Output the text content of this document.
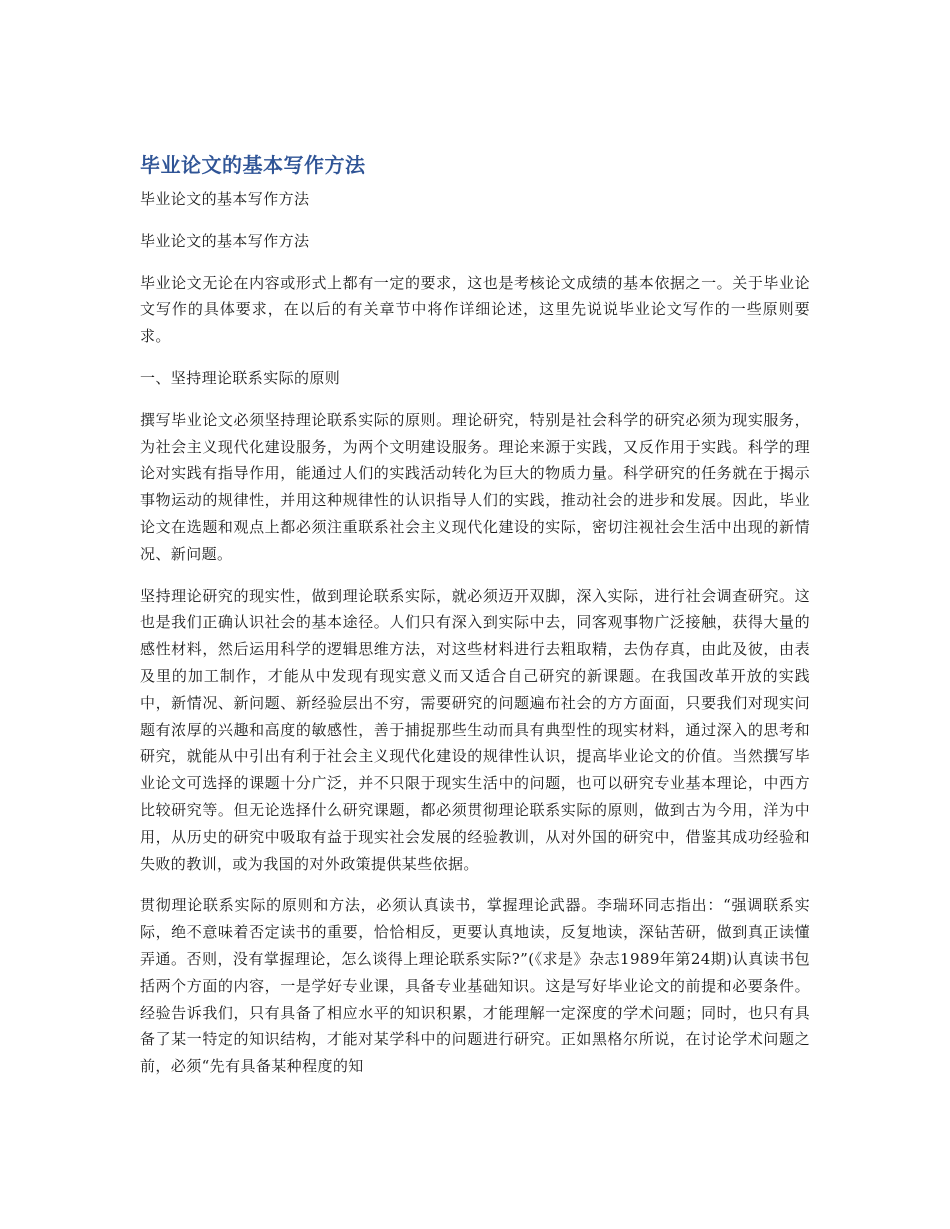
毕业论文的基本写作方法

毕业论文的基本写作方法

毕业论文的基本写作方法

毕业论文无论在内容或形式上都有一定的要求，这也是考核论文成绩的基本依据之一。关于毕业论文写作的具体要求，在以后的有关章节中将作详细论述，这里先说说毕业论文写作的一些原则要求。

一、坚持理论联系实际的原则

撰写毕业论文必须坚持理论联系实际的原则。理论研究，特别是社会科学的研究必须为现实服务，为社会主义现代化建设服务，为两个文明建设服务。理论来源于实践，又反作用于实践。科学的理论对实践有指导作用，能通过人们的实践活动转化为巨大的物质力量。科学研究的任务就在于揭示事物运动的规律性，并用这种规律性的认识指导人们的实践，推动社会的进步和发展。因此，毕业论文在选题和观点上都必须注重联系社会主义现代化建设的实际，密切注视社会生活中出现的新情况、新问题。

坚持理论研究的现实性，做到理论联系实际，就必须迈开双脚，深入实际，进行社会调查研究。这也是我们正确认识社会的基本途径。人们只有深入到实际中去，同客观事物广泛接触，获得大量的感性材料，然后运用科学的逻辑思维方法，对这些材料进行去粗取精，去伪存真，由此及彼，由表及里的加工制作，才能从中发现有现实意义而又适合自己研究的新课题。在我国改革开放的实践中，新情况、新问题、新经验层出不穷，需要研究的问题遍布社会的方方面面，只要我们对现实问题有浓厚的兴趣和高度的敏感性，善于捕捉那些生动而具有典型性的现实材料，通过深入的思考和研究，就能从中引出有利于社会主义现代化建设的规律性认识，提高毕业论文的价值。当然撰写毕业论文可选择的课题十分广泛，并不只限于现实生活中的问题，也可以研究专业基本理论，中西方比较研究等。但无论选择什么研究课题，都必须贯彻理论联系实际的原则，做到古为今用，洋为中用，从历史的研究中吸取有益于现实社会发展的经验教训，从对外国的研究中，借鉴其成功经验和失败的教训，或为我国的对外政策提供某些依据。

贯彻理论联系实际的原则和方法，必须认真读书，掌握理论武器。李瑞环同志指出：“强调联系实际，绝不意味着否定读书的重要，恰恰相反，更要认真地读，反复地读，深钻苦研，做到真正读懂弄通。否则，没有掌握理论，怎么谈得上理论联系实际?”(《求是》杂志1989年第24期)认真读书包括两个方面的内容，一是学好专业课，具备专业基础知识。这是写好毕业论文的前提和必要条件。经验告诉我们，只有具备了相应水平的知识积累，才能理解一定深度的学术问题；同时，也只有具备了某一特定的知识结构，才能对某学科中的问题进行研究。正如黑格尔所说，在讨论学术问题之前，必须“先有具备某种程度的知
